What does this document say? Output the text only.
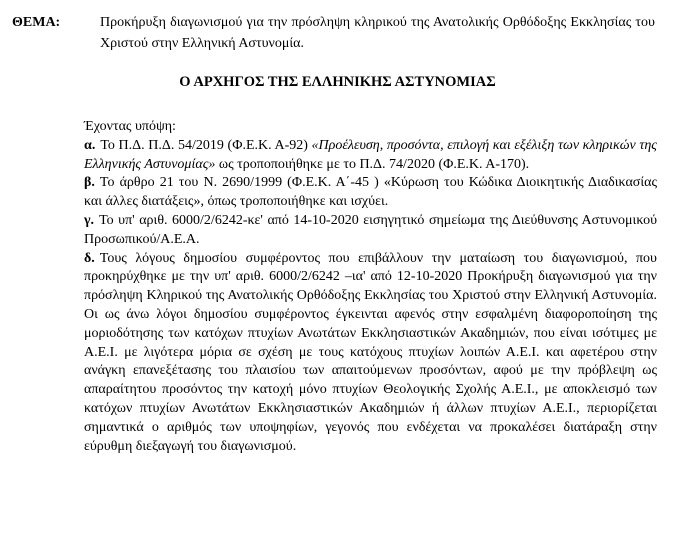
ΘΕΜΑ:	Προκήρυξη διαγωνισμού για την πρόσληψη κληρικού της Ανατολικής Ορθόδοξης Εκκλησίας του Χριστού στην Ελληνική Αστυνομία.
Ο ΑΡΧΗΓΟΣ ΤΗΣ ΕΛΛΗΝΙΚΗΣ ΑΣΤΥΝΟΜΙΑΣ

Έχοντας υπόψη:

α. Το Π.Δ. Π.Δ. 54/2019 (Φ.Ε.Κ. Α-92) «Προέλευση, προσόντα, επιλογή και εξέλιξη των κληρικών της Ελληνικής Αστυνομίας» ως τροποποιήθηκε με το Π.Δ. 74/2020 (Φ.Ε.Κ. Α-170).

β. Το άρθρο 21 του Ν. 2690/1999 (Φ.Ε.Κ. Α΄-45 ) «Κύρωση του Κώδικα Διοικητικής Διαδικασίας και άλλες διατάξεις», όπως τροποποιήθηκε και ισχύει.

γ. Το υπ' αριθ. 6000/2/6242-κε' από 14-10-2020 εισηγητικό σημείωμα της Διεύθυνσης Αστυνομικού Προσωπικού/Α.Ε.Α.

δ. Τους λόγους δημοσίου συμφέροντος που επιβάλλουν την ματαίωση του διαγωνισμού, που προκηρύχθηκε με την υπ' αριθ. 6000/2/6242 –ια' από 12-10-2020 Προκήρυξη διαγωνισμού για την πρόσληψη Κληρικού της Ανατολικής Ορθόδοξης Εκκλησίας του Χριστού στην Ελληνική Αστυνομία. Οι ως άνω λόγοι δημοσίου συμφέροντος έγκεινται αφενός στην εσφαλμένη διαφοροποίηση της μοριοδότησης των κατόχων πτυχίων Ανωτάτων Εκκλησιαστικών Ακαδημιών, που είναι ισότιμες με Α.Ε.Ι. με λιγότερα μόρια σε σχέση με τους κατόχους πτυχίων λοιπών Α.Ε.Ι. και αφετέρου στην ανάγκη επανεξέτασης του πλαισίου των απαιτούμενων προσόντων, αφού με την πρόβλεψη ως απαραίτητου προσόντος την κατοχή μόνο πτυχίων Θεολογικής Σχολής Α.Ε.Ι., με αποκλεισμό των κατόχων πτυχίων Ανωτάτων Εκκλησιαστικών Ακαδημιών ή άλλων πτυχίων Α.Ε.Ι., περιορίζεται σημαντικά ο αριθμός των υποψηφίων, γεγονός που ενδέχεται να προκαλέσει διατάραξη στην εύρυθμη διεξαγωγή του διαγωνισμού.
